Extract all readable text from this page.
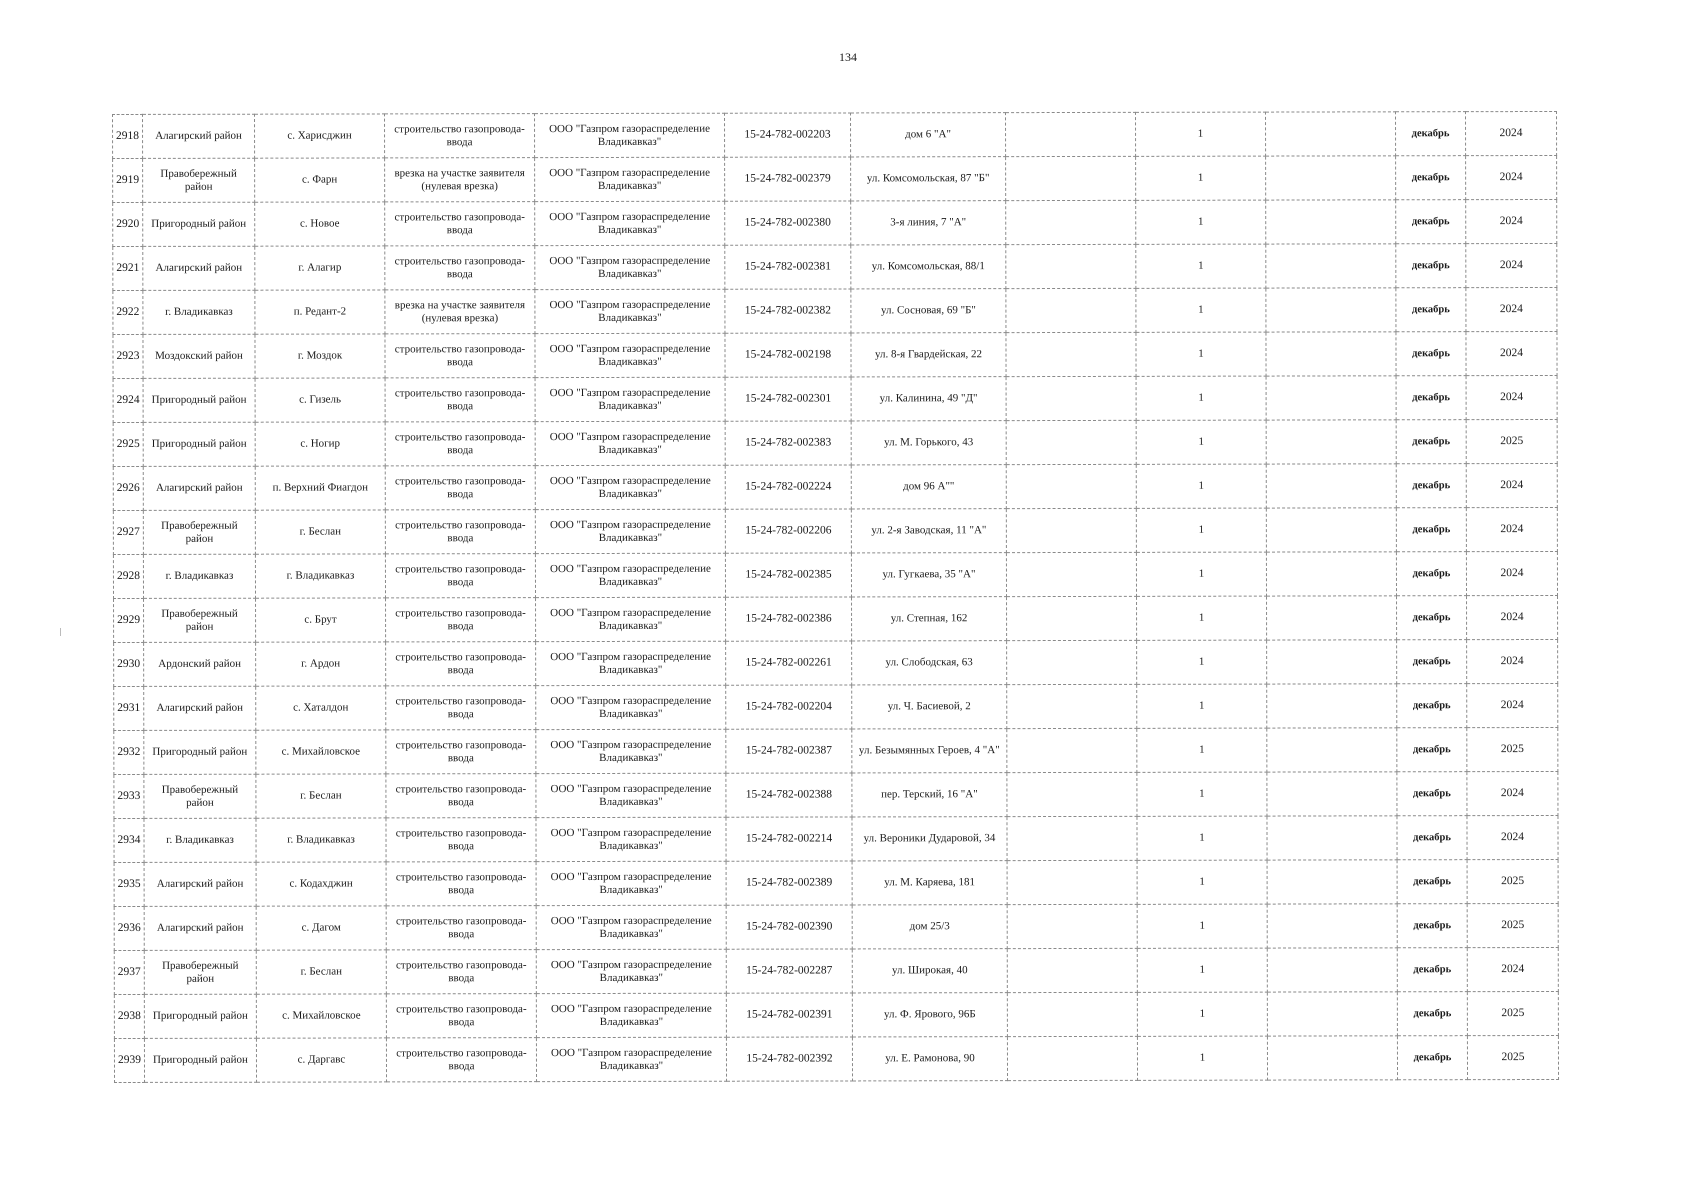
134
2918	Алагирский район	с. Харисджин	строительство газопровода-ввода	ООО "Газпром газораспределение Владикавказ"	15-24-782-002203	дом 6 "А"		1		декабрь	2024
2919	Правобережный район	с. Фарн	врезка на участке заявителя (нулевая врезка)	ООО "Газпром газораспределение Владикавказ"	15-24-782-002379	ул. Комсомольская, 87 "Б"		1		декабрь	2024
2920	Пригородный район	с. Новое	строительство газопровода-ввода	ООО "Газпром газораспределение Владикавказ"	15-24-782-002380	3-я линия, 7 "А"		1		декабрь	2024
2921	Алагирский район	г. Алагир	строительство газопровода-ввода	ООО "Газпром газораспределение Владикавказ"	15-24-782-002381	ул. Комсомольская, 88/1		1		декабрь	2024
2922	г. Владикавказ	п. Редант-2	врезка на участке заявителя (нулевая врезка)	ООО "Газпром газораспределение Владикавказ"	15-24-782-002382	ул. Сосновая, 69 "Б"		1		декабрь	2024
2923	Моздокский район	г. Моздок	строительство газопровода-ввода	ООО "Газпром газораспределение Владикавказ"	15-24-782-002198	ул. 8-я Гвардейская, 22		1		декабрь	2024
2924	Пригородный район	с. Гизель	строительство газопровода-ввода	ООО "Газпром газораспределение Владикавказ"	15-24-782-002301	ул. Калинина, 49 "Д"		1		декабрь	2024
2925	Пригородный район	с. Ногир	строительство газопровода-ввода	ООО "Газпром газораспределение Владикавказ"	15-24-782-002383	ул. М. Горького, 43		1		декабрь	2025
2926	Алагирский район	п. Верхний Фиагдон	строительство газопровода-ввода	ООО "Газпром газораспределение Владикавказ"	15-24-782-002224	дом 96 А""		1		декабрь	2024
2927	Правобережный район	г. Беслан	строительство газопровода-ввода	ООО "Газпром газораспределение Владикавказ"	15-24-782-002206	ул. 2-я Заводская, 11 "А"		1		декабрь	2024
2928	г. Владикавказ	г. Владикавказ	строительство газопровода-ввода	ООО "Газпром газораспределение Владикавказ"	15-24-782-002385	ул. Гугкаева, 35 "А"		1		декабрь	2024
2929	Правобережный район	с. Брут	строительство газопровода-ввода	ООО "Газпром газораспределение Владикавказ"	15-24-782-002386	ул. Степная, 162		1		декабрь	2024
2930	Ардонский район	г. Ардон	строительство газопровода-ввода	ООО "Газпром газораспределение Владикавказ"	15-24-782-002261	ул. Слободская, 63		1		декабрь	2024
2931	Алагирский район	с. Хаталдон	строительство газопровода-ввода	ООО "Газпром газораспределение Владикавказ"	15-24-782-002204	ул. Ч. Басиевой, 2		1		декабрь	2024
2932	Пригородный район	с. Михайловское	строительство газопровода-ввода	ООО "Газпром газораспределение Владикавказ"	15-24-782-002387	ул. Безымянных Героев, 4 "А"		1		декабрь	2025
2933	Правобережный район	г. Беслан	строительство газопровода-ввода	ООО "Газпром газораспределение Владикавказ"	15-24-782-002388	пер. Терский, 16 "А"		1		декабрь	2024
2934	г. Владикавказ	г. Владикавказ	строительство газопровода-ввода	ООО "Газпром газораспределение Владикавказ"	15-24-782-002214	ул. Вероники Дударовой, 34		1		декабрь	2024
2935	Алагирский район	с. Кодахджин	строительство газопровода-ввода	ООО "Газпром газораспределение Владикавказ"	15-24-782-002389	ул. М. Каряева, 181		1		декабрь	2025
2936	Алагирский район	с. Дагом	строительство газопровода-ввода	ООО "Газпром газораспределение Владикавказ"	15-24-782-002390	дом 25/3		1		декабрь	2025
2937	Правобережный район	г. Беслан	строительство газопровода-ввода	ООО "Газпром газораспределение Владикавказ"	15-24-782-002287	ул. Широкая, 40		1		декабрь	2024
2938	Пригородный район	с. Михайловское	строительство газопровода-ввода	ООО "Газпром газораспределение Владикавказ"	15-24-782-002391	ул. Ф. Ярового, 96Б		1		декабрь	2025
2939	Пригородный район	с. Даргавс	строительство газопровода-ввода	ООО "Газпром газораспределение Владикавказ"	15-24-782-002392	ул. Е. Рамонова, 90		1		декабрь	2025
